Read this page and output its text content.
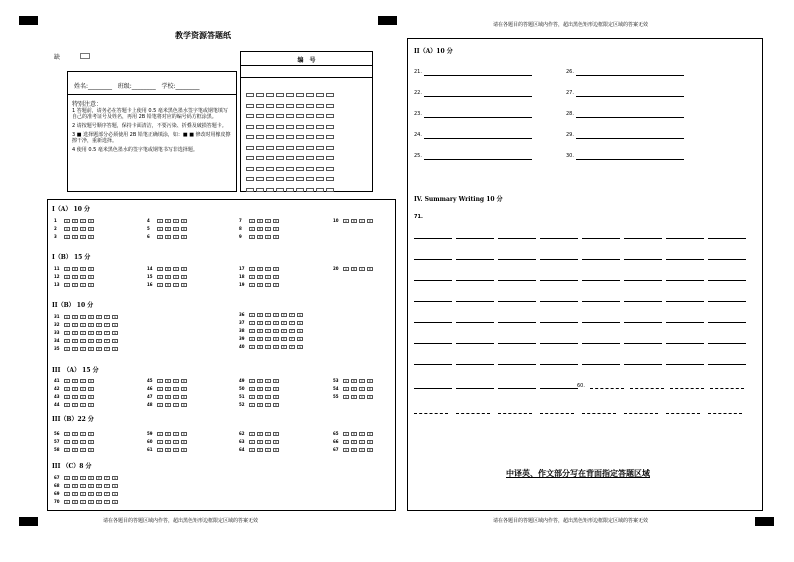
教学资源答题纸
缺
姓名:________ 班级:________ 学校:________
特别注意：
1 答题前，请务必在答题卡上使用 0.5 毫米黑色墨水签字笔或钢笔填写自己的准考证号及姓名，再用 2B 铅笔将对应的编号码方框涂黑。
2 请按题号顺序答题，保持卡面清洁，不要污染、折叠及破损答题卡。
3 ■ 选择题部分必须使用 2B 铅笔正确填涂，如：■ ■ 修改时用橡皮擦擦干净，重新选择。
4 使用 0.5 毫米黑色墨水的签字笔或钢笔书写非选择题。
编　号
I（A） 10 分
1	A B C D
2	A B C D
3	A B C D
4	A B C D
5	A B C D
6	A B C D
7	A B C D
8	A B C D
9	A B C D
10 A B C D
I（B） 15 分
11 A B C D
12 A B C D
13 A B C D
14 A B C D
15 A B C D
16 A B C D
17 A B C D
18 A B C D
19 A B C D
20 A B C D
II（B） 10 分
31 A B C D E F G
32 A B C D E F G
33 A B C D E F G
34 A B C D E F G
35 A B C D E F G
36 A B C D E F G
37 A B C D E F G
38 A B C D E F G
39 A B C D E F G
40 A B C D E F G
III　（A） 15 分
41 A B C D
42 A B C D
43 A B C D
44 A B C D
45 A B C D
46 A B C D
47 A B C D
48 A B C D
49 A B C D
50 A B C D
51 A B C D
52 A B C D
53 A B C D
54 A B C D
55 A B C D
III（B）22 分
56 A B C D
57 A B C D
58 A B C D
59 A B C D
60 A B C D
61 A B C D
62 A B C D
63 A B C D
64 A B C D
65 A B C D
66 A B C D
67 A B C D
III （C）8 分
67 A B C D E F G
68 A B C D E F G
69 A B C D E F G
70 A B C D E F G
请在各题目的答题区域内作答，超出黑色矩形边框限定区域的答案无效
请在各题目的答题区域内作答，超出黑色矩形边框限定区域的答案无效
II（A）10 分
21.
22.
23.
24.
25.
26.
27.
28.
29.
30.
IV. Summary Writing 10 分
71.
60.
中译英、作文部分写在背面指定答题区域
请在各题目的答题区域内作答，超出黑色矩形边框限定区域的答案无效
